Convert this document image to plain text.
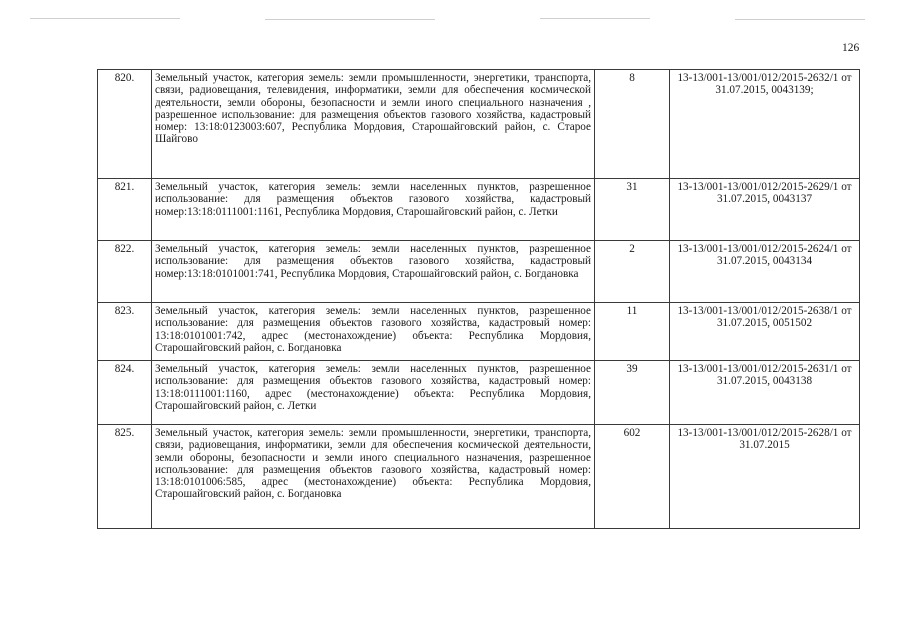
126
820.	Земельный участок, категория земель: земли промышленности, энергетики, транспорта, связи, радиовещания, телевидения, информатики, земли для обеспечения космической деятельности, земли обороны, безопасности и земли иного специального назначения , разрешенное использование: для размещения объектов газового хозяйства, кадастровый номер: 13:18:0123003:607, Республика Мордовия, Старошайговский район, с. Старое Шайгово	8	13-13/001-13/001/012/2015-2632/1 от 31.07.2015, 0043139;
821.	Земельный участок, категория земель: земли населенных пунктов, разрешенное использование: для размещения объектов газового хозяйства, кадастровый номер:13:18:0111001:1161, Республика Мордовия, Старошайговский район, с. Летки	31	13-13/001-13/001/012/2015-2629/1 от 31.07.2015, 0043137
822.	Земельный участок, категория земель: земли населенных пунктов, разрешенное использование: для размещения объектов газового хозяйства, кадастровый номер:13:18:0101001:741, Республика Мордовия, Старошайговский район, с. Богдановка	2	13-13/001-13/001/012/2015-2624/1 от 31.07.2015, 0043134
823.	Земельный участок, категория земель: земли населенных пунктов, разрешенное использование: для размещения объектов газового хозяйства, кадастровый номер: 13:18:0101001:742, адрес (местонахождение) объекта: Республика Мордовия, Старошайговский район, с. Богдановка	11	13-13/001-13/001/012/2015-2638/1 от 31.07.2015, 0051502
824.	Земельный участок, категория земель: земли населенных пунктов, разрешенное использование: для размещения объектов газового хозяйства, кадастровый номер: 13:18:0111001:1160, адрес (местонахождение) объекта: Республика Мордовия, Старошайговский район, с. Летки	39	13-13/001-13/001/012/2015-2631/1 от 31.07.2015, 0043138
825.	Земельный участок, категория земель: земли промышленности, энергетики, транспорта, связи, радиовещания, информатики, земли для обеспечения космической деятельности, земли обороны, безопасности и земли иного специального назначения, разрешенное использование: для размещения объектов газового хозяйства, кадастровый номер: 13:18:0101006:585, адрес (местонахождение) объекта: Республика Мордовия, Старошайговский район, с. Богдановка	602	13-13/001-13/001/012/2015-2628/1 от 31.07.2015
